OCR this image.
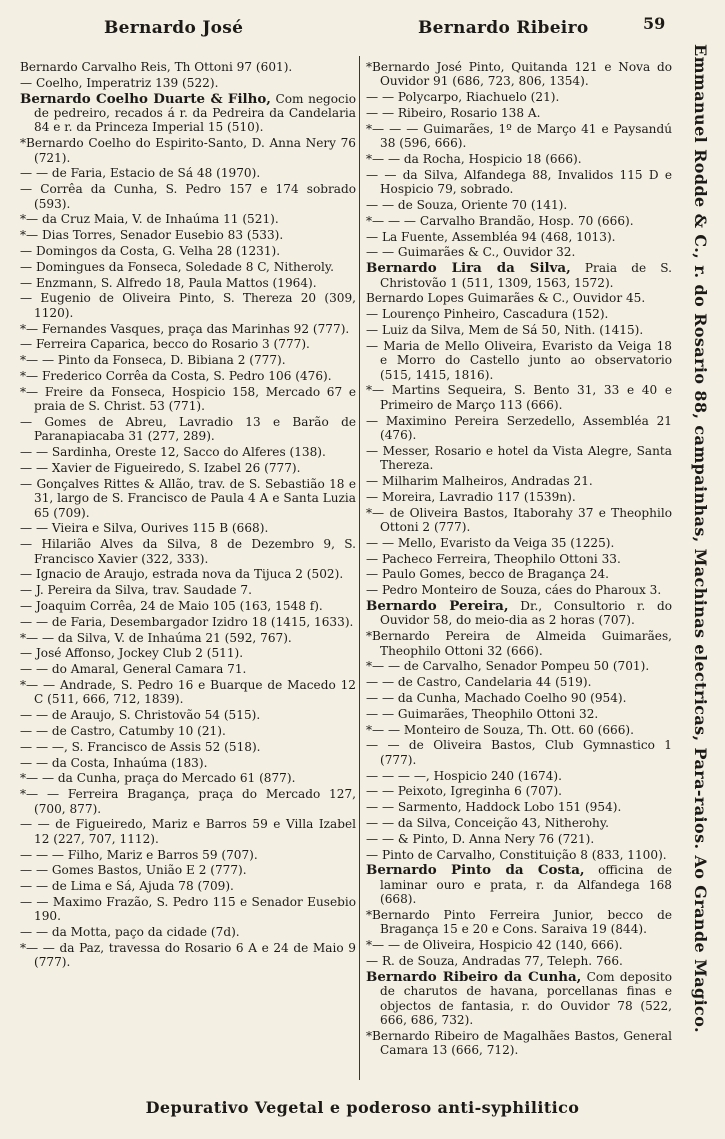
Bernardo José	Bernardo Ribeiro	59

Bernardo Carvalho Reis, Th Ottoni 97 (601).

— Coelho, Imperatriz 139 (522).

Bernardo Coelho Duarte & Filho, Com negocio de pedreiro, recados á r. da Pedreira da Candelaria 84 e r. da Princeza Imperial 15 (510).

*Bernardo Coelho do Espirito-Santo, D. Anna Nery 76 (721).

— — de Faria, Estacio de Sá 48 (1970).

— Corrêa da Cunha, S. Pedro 157 e 174 sobrado (593).

*— da Cruz Maia, V. de Inhaúma 11 (521).

*— Dias Torres, Senador Eusebio 83 (533).

— Domingos da Costa, G. Velha 28 (1231).

— Domingues da Fonseca, Soledade 8 C, Nitheroly.

— Enzmann, S. Alfredo 18, Paula Mattos (1964).

— Eugenio de Oliveira Pinto, S. Thereza 20 (309, 1120).

*— Fernandes Vasques, praça das Marinhas 92 (777).

— Ferreira Caparica, becco do Rosario 3 (777).

*— — Pinto da Fonseca, D. Bibiana 2 (777).

*— Frederico Corrêa da Costa, S. Pedro 106 (476).

*— Freire da Fonseca, Hospicio 158, Mercado 67 e praia de S. Christ. 53 (771).

— Gomes de Abreu, Lavradio 13 e Barão de Paranapiacaba 31 (277, 289).

— — Sardinha, Oreste 12, Sacco do Alferes (138).

— — Xavier de Figueiredo, S. Izabel 26 (777).

— Gonçalves Rittes & Allão, trav. de S. Sebastião 18 e 31, largo de S. Francisco de Paula 4 A e Santa Luzia 65 (709).

— — Vieira e Silva, Ourives 115 B (668).

— Hilarião Alves da Silva, 8 de Dezembro 9, S. Francisco Xavier (322, 333).

— Ignacio de Araujo, estrada nova da Tijuca 2 (502).

— J. Pereira da Silva, trav. Saudade 7.

— Joaquim Corrêa, 24 de Maio 105 (163, 1548 f).

— — de Faria, Desembargador Izidro 18 (1415, 1633).

*— — da Silva, V. de Inhaúma 21 (592, 767).

— José Affonso, Jockey Club 2 (511).

— — do Amaral, General Camara 71.

*— — Andrade, S. Pedro 16 e Buarque de Macedo 12 C (511, 666, 712, 1839).

— — de Araujo, S. Christovão 54 (515).

— — de Castro, Catumby 10 (21).

— — —, S. Francisco de Assis 52 (518).

— — da Costa, Inhaúma (183).

*— — da Cunha, praça do Mercado 61 (877).

*— — Ferreira Bragança, praça do Mercado 127, (700, 877).

— — de Figueiredo, Mariz e Barros 59 e Villa Izabel 12 (227, 707, 1112).

— — — Filho, Mariz e Barros 59 (707).

— — Gomes Bastos, União E 2 (777).

— — de Lima e Sá, Ajuda 78 (709).

— — Maximo Frazão, S. Pedro 115 e Senador Eusebio 190.

— — da Motta, paço da cidade (7d).

*— — da Paz, travessa do Rosario 6 A e 24 de Maio 9 (777).

*Bernardo José Pinto, Quitanda 121 e Nova do Ouvidor 91 (686, 723, 806, 1354).

— — Polycarpo, Riachuelo (21).

— — Ribeiro, Rosario 138 A.

*— — — Guimarães, 1º de Março 41 e Paysandú 38 (596, 666).

*— — da Rocha, Hospicio 18 (666).

— — da Silva, Alfandega 88, Invalidos 115 D e Hospicio 79, sobrado.

— — de Souza, Oriente 70 (141).

*— — — Carvalho Brandão, Hosp. 70 (666).

— La Fuente, Assembléa 94 (468, 1013).

— — Guimarães & C., Ouvidor 32.

Bernardo Lira da Silva, Praia de S. Christovão 1 (511, 1309, 1563, 1572).

Bernardo Lopes Guimarães & C., Ouvidor 45.

— Lourenço Pinheiro, Cascadura (152).

— Luiz da Silva, Mem de Sá 50, Nith. (1415).

— Maria de Mello Oliveira, Evaristo da Veiga 18 e Morro do Castello junto ao observatorio (515, 1415, 1816).

*— Martins Sequeira, S. Bento 31, 33 e 40 e Primeiro de Março 113 (666).

— Maximino Pereira Serzedello, Assembléa 21 (476).

— Messer, Rosario e hotel da Vista Alegre, Santa Thereza.

— Milharim Malheiros, Andradas 21.

— Moreira, Lavradio 117 (1539n).

*— de Oliveira Bastos, Itaborahy 37 e Theophilo Ottoni 2 (777).

— — Mello, Evaristo da Veiga 35 (1225).

— Pacheco Ferreira, Theophilo Ottoni 33.

— Paulo Gomes, becco de Bragança 24.

— Pedro Monteiro de Souza, cáes do Pharoux 3.

Bernardo Pereira, Dr., Consultorio r. do Ouvidor 58, do meio-dia as 2 horas (707).

*Bernardo Pereira de Almeida Guimarães, Theophilo Ottoni 32 (666).

*— — de Carvalho, Senador Pompeu 50 (701).

— — de Castro, Candelaria 44 (519).

— — da Cunha, Machado Coelho 90 (954).

— — Guimarães, Theophilo Ottoni 32.

*— — Monteiro de Souza, Th. Ott. 60 (666).

— — de Oliveira Bastos, Club Gymnastico 1 (777).

— — — —, Hospicio 240 (1674).

— — Peixoto, Igreginha 6 (707).

— — Sarmento, Haddock Lobo 151 (954).

— — da Silva, Conceição 43, Nitherohy.

— — & Pinto, D. Anna Nery 76 (721).

— Pinto de Carvalho, Constituição 8 (833, 1100).

Bernardo Pinto da Costa, officina de laminar ouro e prata, r. da Alfandega 168 (668).

*Bernardo Pinto Ferreira Junior, becco de Bragança 15 e 20 e Cons. Saraiva 19 (844).

*— — de Oliveira, Hospicio 42 (140, 666).

— R. de Souza, Andradas 77, Teleph. 766.

Bernardo Ribeiro da Cunha, Com deposito de charutos de havana, porcellanas finas e objectos de fantasia, r. do Ouvidor 78 (522, 666, 686, 732).

*Bernardo Ribeiro de Magalhães Bastos, General Camara 13 (666, 712).

Emmanuel Rodde & C., r. do Rosario 88, campainhas, Machinas electricas, Para-raios. Ao Grande Magico.
Depurativo Vegetal e poderoso anti-syphilitico
